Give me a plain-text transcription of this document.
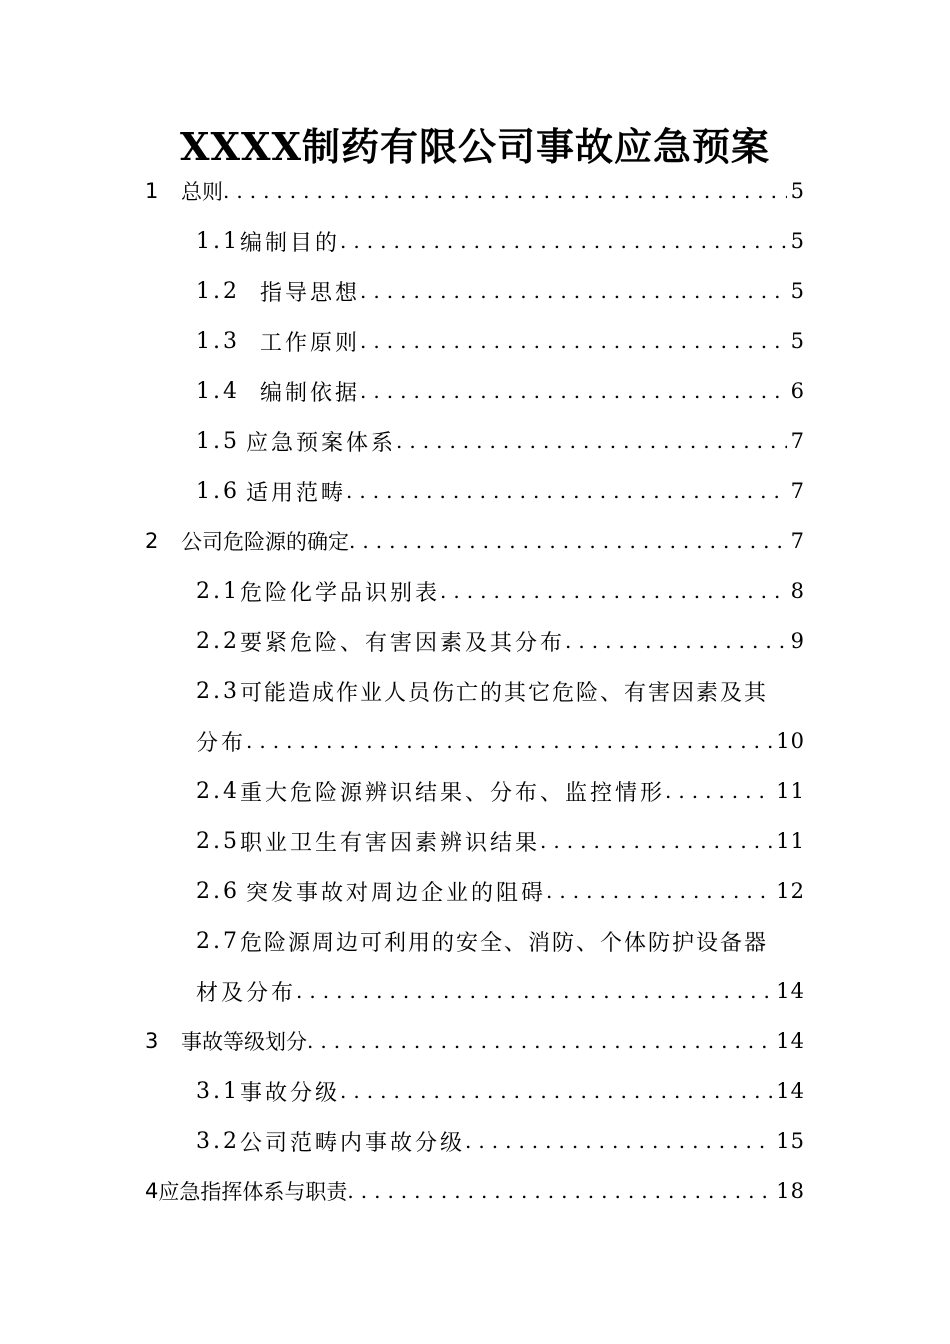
XXXX制药有限公司事故应急预案
1	总则 .....	5
1.1 编制目的 .....	5
1.2 指导思想 .....	5
1.3 工作原则 .....	5
1.4 编制依据 .....	6
1.5 应急预案体系 .....	7
1.6 适用范畴 .....	7
2	公司危险源的确定 .....	7
2.1 危险化学品识别表 .....	8
2.2 要紧危险、有害因素及其分布 .....	9
2.3 可能造成作业人员伤亡的其它危险、有害因素及其
分布 .....	10
2.4 重大危险源辨识结果、分布、监控情形 .....	11
2.5 职业卫生有害因素辨识结果 .....	11
2.6 突发事故对周边企业的阻碍 .....	12
2.7 危险源周边可利用的安全、消防、个体防护设备器
材及分布 .....	14
3	事故等级划分 .....	14
3.1 事故分级 .....	14
3.2 公司范畴内事故分级 .....	15
4 应急指挥体系与职责 .....	18
